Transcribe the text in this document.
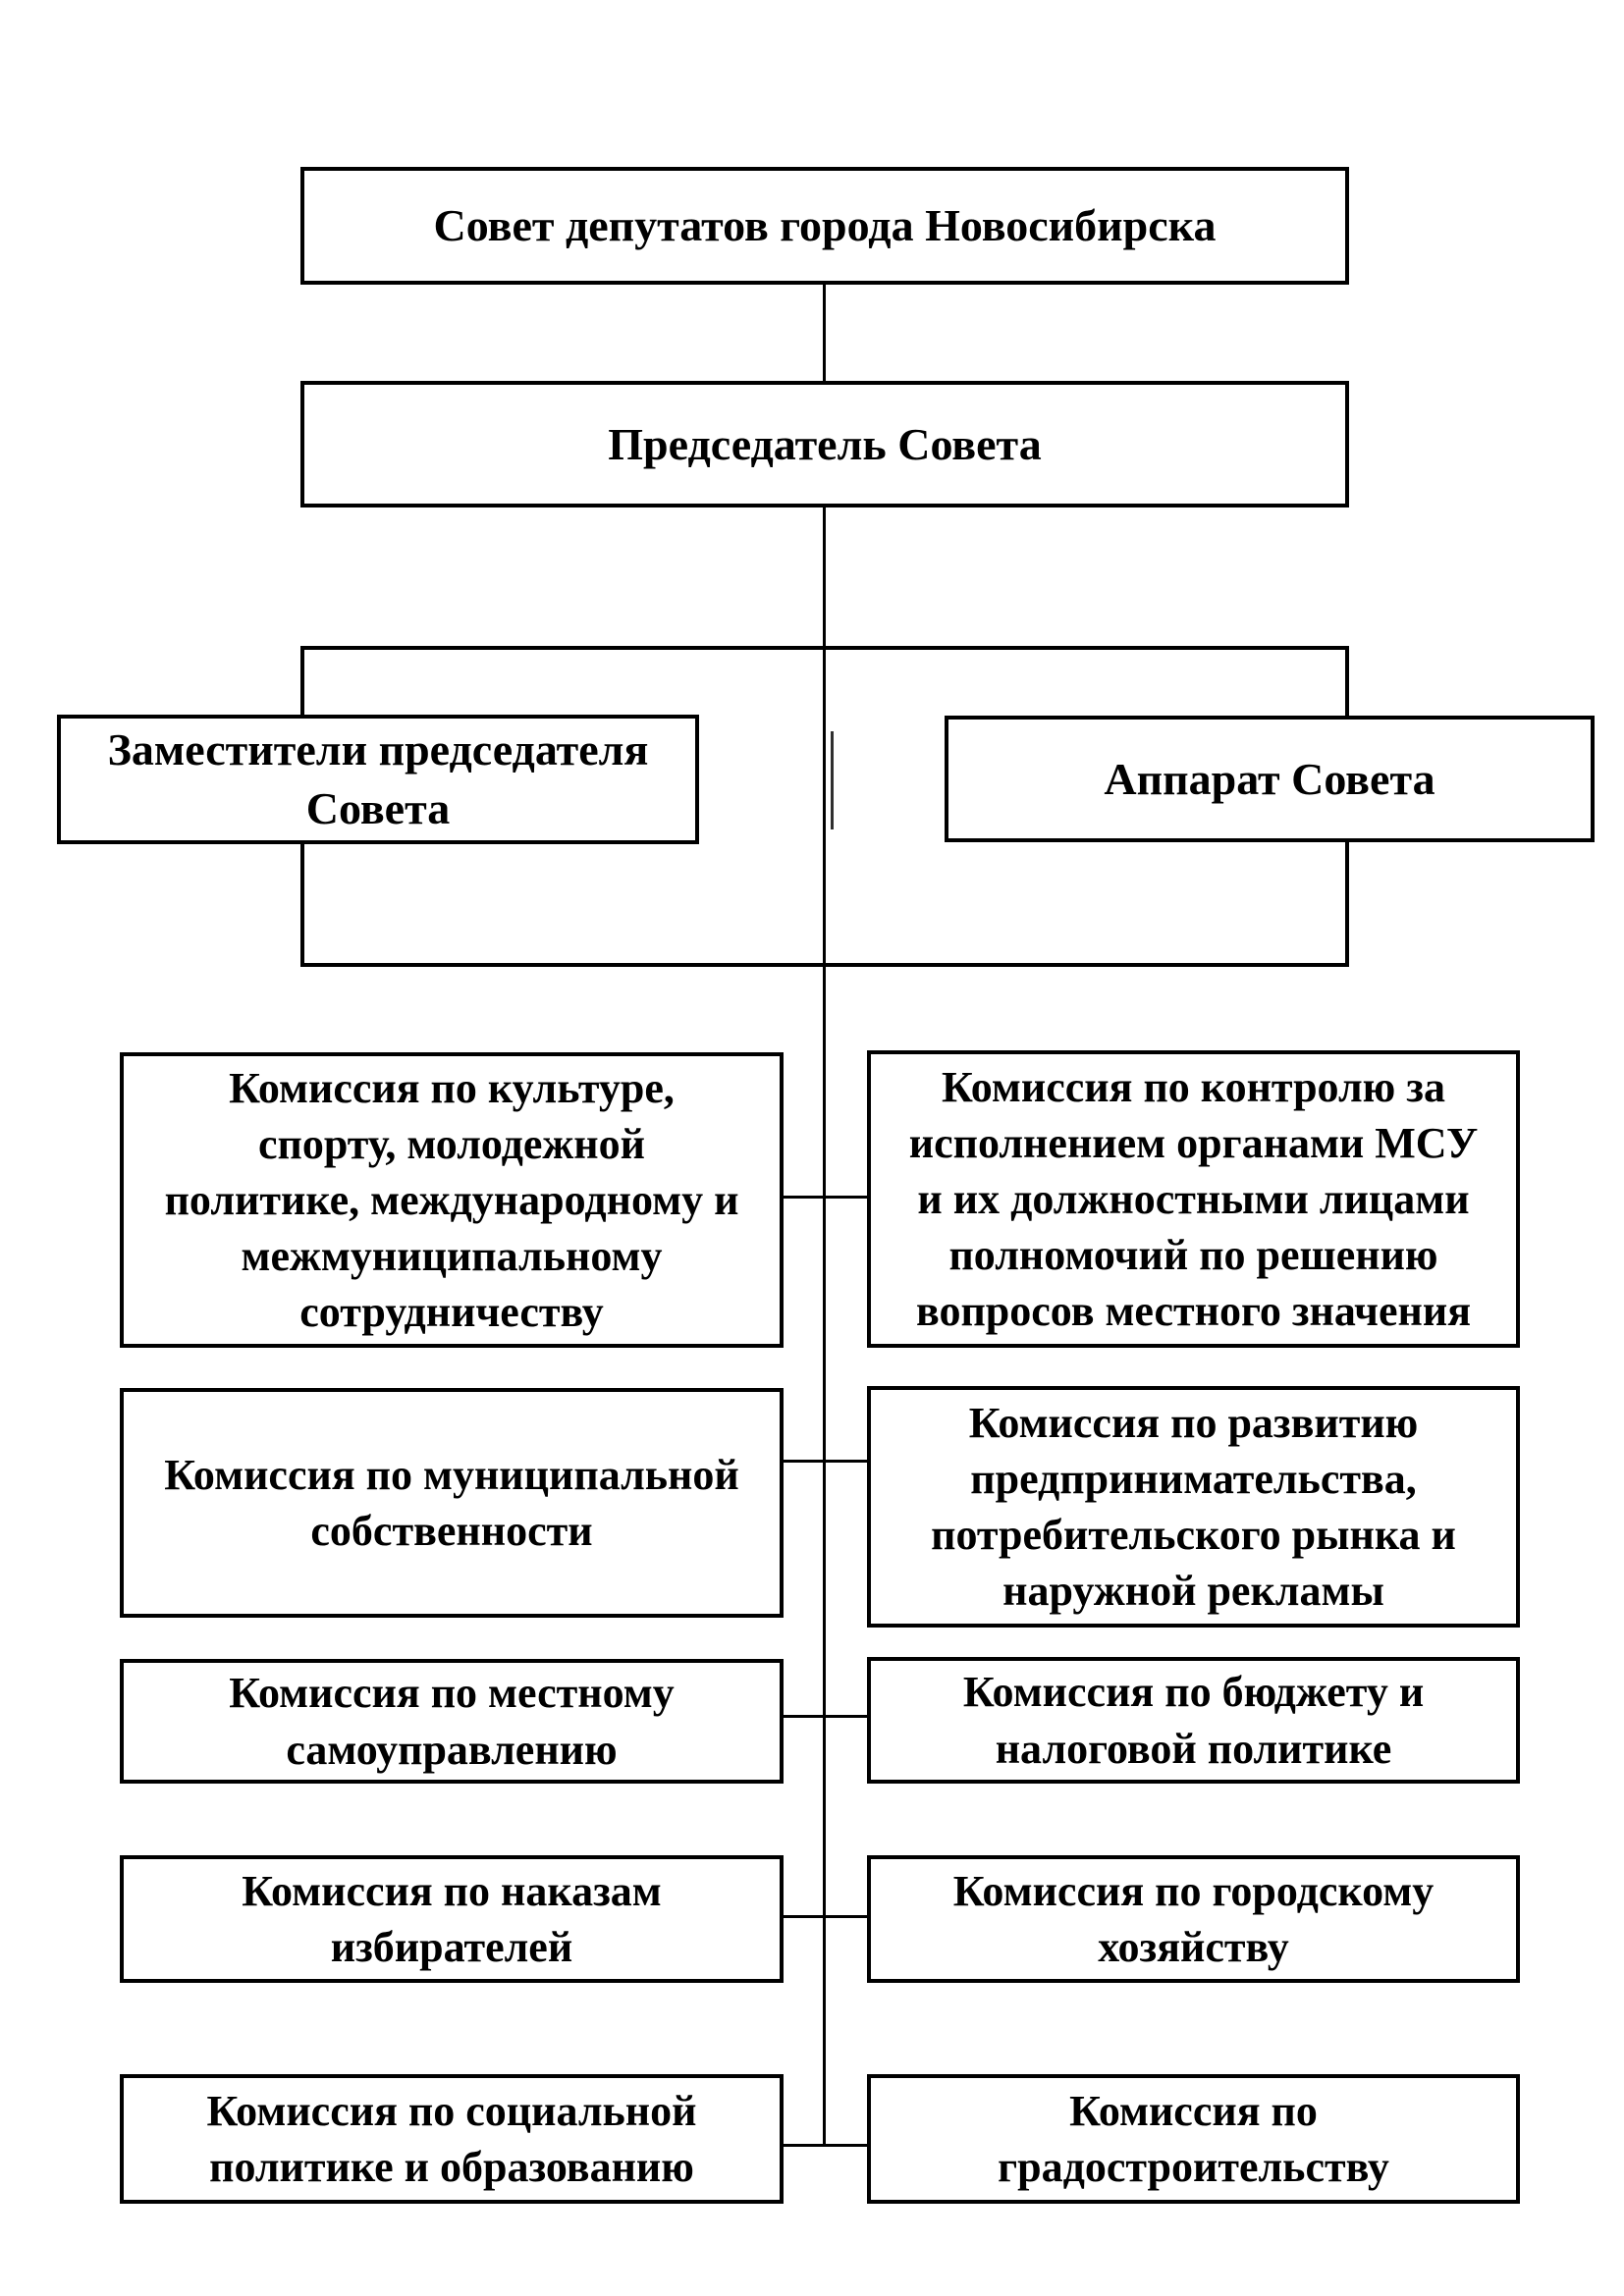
Совет депутатов города Новосибирска
Председатель Совета
Заместители председателя
Совета
Аппарат Совета
Комиссия по культуре,
спорту, молодежной
политике, международному и
межмуниципальному
сотрудничеству
Комиссия по муниципальной
собственности
Комиссия по местному
самоуправлению
Комиссия по наказам
избирателей
Комиссия по социальной
политике и образованию
Комиссия по контролю за
исполнением органами МСУ
и их должностными лицами
полномочий по решению
вопросов местного значения
Комиссия по развитию
предпринимательства,
потребительского рынка и
наружной рекламы
Комиссия по бюджету и
налоговой политике
Комиссия по городскому
хозяйству
Комиссия по
градостроительству
